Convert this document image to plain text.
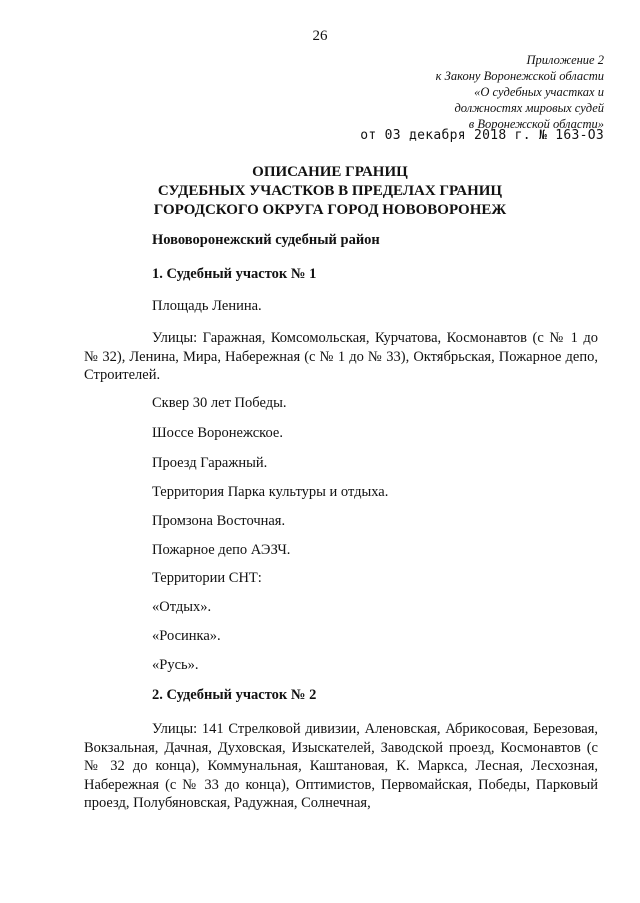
26
Приложение 2
к Закону Воронежской области
«О судебных участках и
должностях мировых судей
в Воронежской области»
от 03 декабря 2018 г. № 163-ОЗ
ОПИСАНИЕ ГРАНИЦ
СУДЕБНЫХ УЧАСТКОВ В ПРЕДЕЛАХ ГРАНИЦ
ГОРОДСКОГО ОКРУГА ГОРОД НОВОВОРОНЕЖ
Нововоронежский судебный район
1. Судебный участок № 1
Площадь Ленина.
Улицы: Гаражная, Комсомольская, Курчатова, Космонавтов (с № 1 до № 32), Ленина, Мира, Набережная (с № 1 до № 33), Октябрьская, Пожарное депо, Строителей.
Сквер 30 лет Победы.
Шоссе Воронежское.
Проезд Гаражный.
Территория Парка культуры и отдыха.
Промзона Восточная.
Пожарное депо АЭЗЧ.
Территории СНТ:
«Отдых».
«Росинка».
«Русь».
2. Судебный участок № 2
Улицы: 141 Стрелковой дивизии, Аленовская, Абрикосовая, Березовая, Вокзальная, Дачная, Духовская, Изыскателей, Заводской проезд, Космонавтов (с № 32 до конца), Коммунальная, Каштановая, К. Маркса, Лесная, Лесхозная, Набережная (с № 33 до конца), Оптимистов, Первомайская, Победы, Парковый проезд, Полубяновская, Радужная, Солнечная,
